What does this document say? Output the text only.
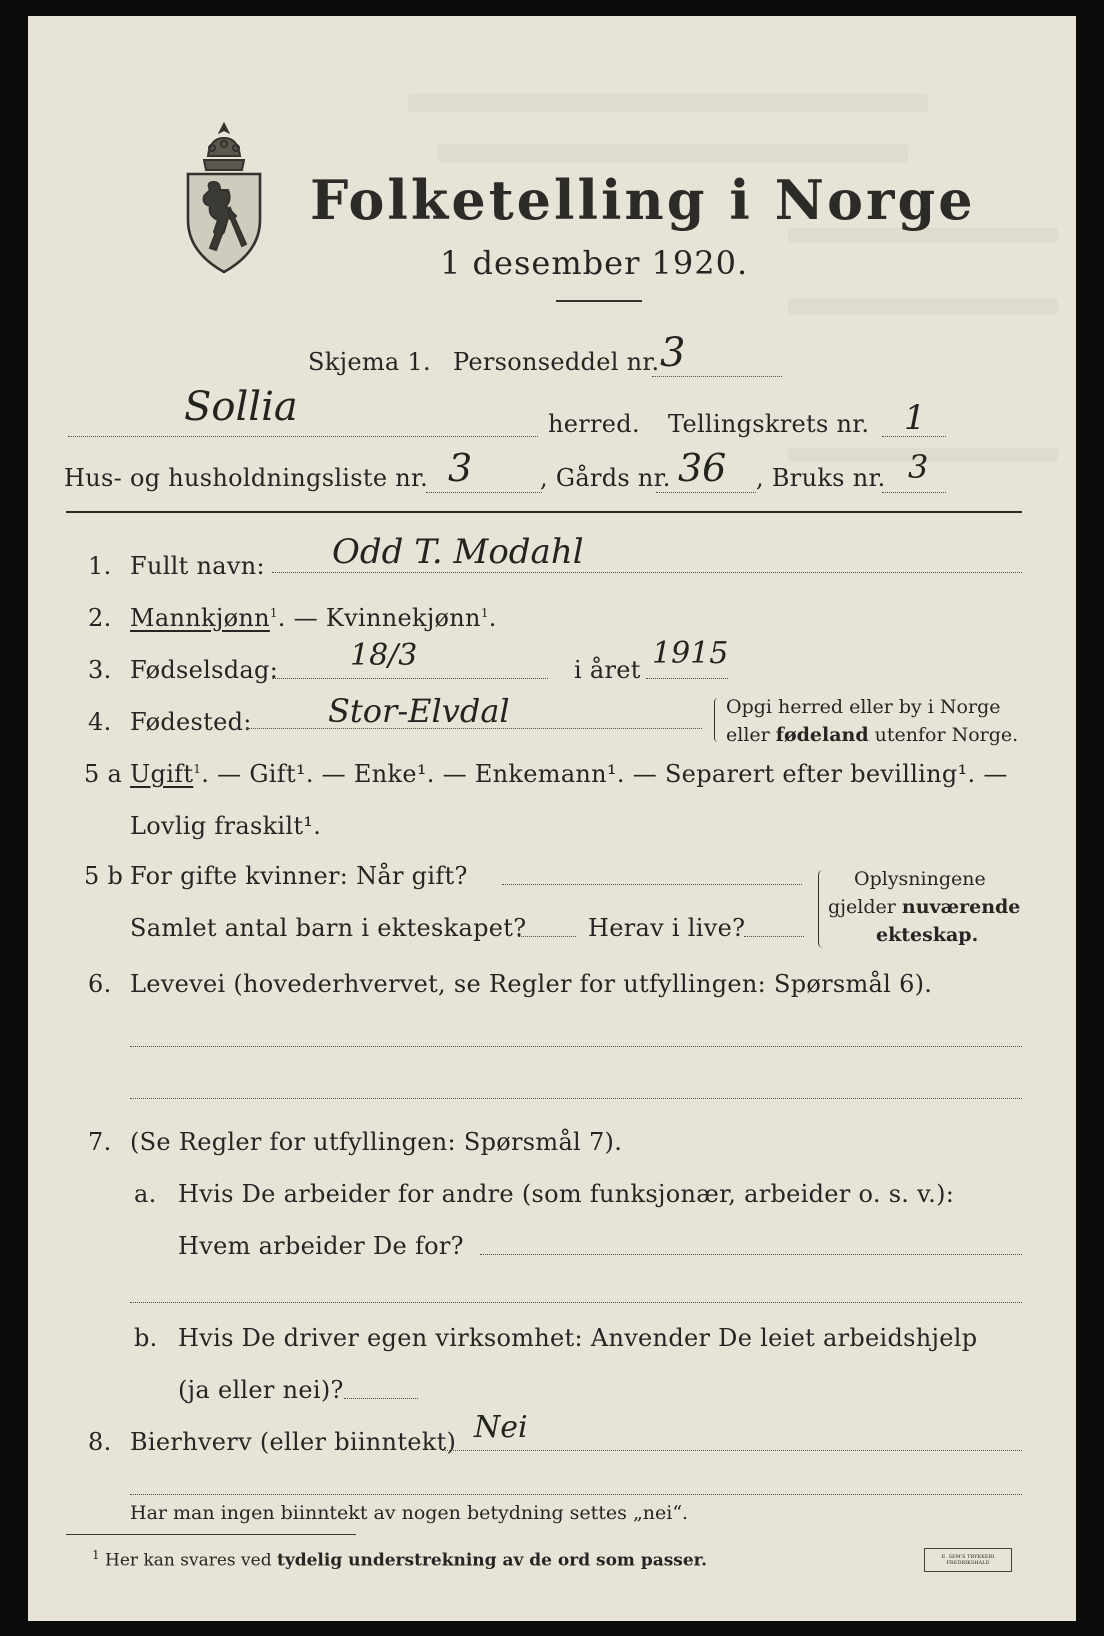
Folketelling i Norge
1 desember 1920.
Skjema 1. Personseddel nr. 3
Sollia	herred. Tellingskrets nr. 1
Hus- og husholdningsliste nr. 3	, Gårds nr. 36 , Bruks nr. 3
1. Fullt navn: Odd T. Modahl
2. Mannkjønn$^1$. — Kvinnekjønn$^1$.
3. Fødselsdag: 18/3	i året 1915
4. Fødested: Stor-Elvdal	Opgi herred eller by i Norge
eller fødeland utenfor Norge.
5 a Ugift$^1$. — Gift¹. — Enke¹. — Enkemann¹. — Separert efter bevilling¹. —
Lovlig fraskilt¹.
5 b For gifte kvinner: Når gift?
Samlet antal barn i ekteskapet?	Herav i live?
Oplysningene
gjelder nuværende
ekteskap.
6. Levevei (hovederhvervet, se Regler for utfyllingen: Spørsmål 6).
7. (Se Regler for utfyllingen: Spørsmål 7).
a. Hvis De arbeider for andre (som funksjonær, arbeider o. s. v.):
Hvem arbeider De for?
b. Hvis De driver egen virksomhet: Anvender De leiet arbeidshjelp
(ja eller nei)?
8. Bierhverv (eller biinntekt) Nei
Har man ingen biinntekt av nogen betydning settes „nei“.
$^1$ Her kan svares ved tydelig understrekning av de ord som passer.	E. SEM'S TRYKKERI FREDRIKSHALD
